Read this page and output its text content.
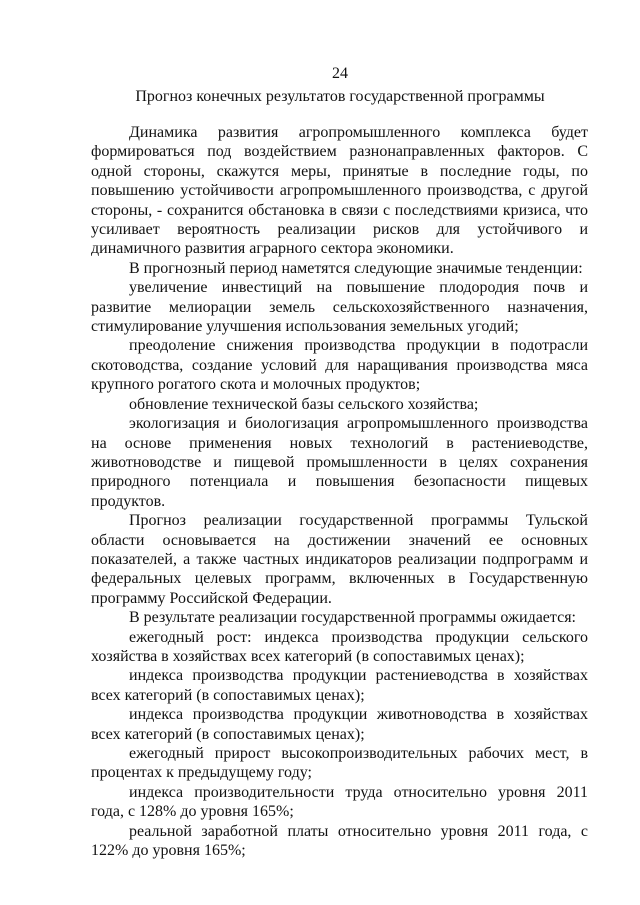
24
Прогноз конечных результатов государственной программы

Динамика развития агропромышленного комплекса будет формироваться под воздействием разнонаправленных факторов. С одной стороны, скажутся меры, принятые в последние годы, по повышению устойчивости агропромышленного производства, с другой стороны, - сохранится обстановка в связи с последствиями кризиса, что усиливает вероятность реализации рисков для устойчивого и динамичного развития аграрного сектора экономики.

В прогнозный период наметятся следующие значимые тенденции:

увеличение инвестиций на повышение плодородия почв и развитие мелиорации земель сельскохозяйственного назначения, стимулирование улучшения использования земельных угодий;

преодоление снижения производства продукции в подотрасли скотоводства, создание условий для наращивания производства мяса крупного рогатого скота и молочных продуктов;

обновление технической базы сельского хозяйства;

экологизация и биологизация агропромышленного производства на основе применения новых технологий в растениеводстве, животноводстве и пищевой промышленности в целях сохранения природного потенциала и повышения безопасности пищевых продуктов.

Прогноз реализации государственной программы Тульской области основывается на достижении значений ее основных показателей, а также частных индикаторов реализации подпрограмм и федеральных целевых программ, включенных в Государственную программу Российской Федерации.

В результате реализации государственной программы ожидается:

ежегодный рост: индекса производства продукции сельского хозяйства в хозяйствах всех категорий (в сопоставимых ценах);

индекса производства продукции растениеводства в хозяйствах всех категорий (в сопоставимых ценах);

индекса производства продукции животноводства в хозяйствах всех категорий (в сопоставимых ценах);

ежегодный прирост высокопроизводительных рабочих мест, в процентах к предыдущему году;

индекса производительности труда относительно уровня 2011 года, с 128% до уровня 165%;

реальной заработной платы относительно уровня 2011 года, с 122% до уровня 165%;
